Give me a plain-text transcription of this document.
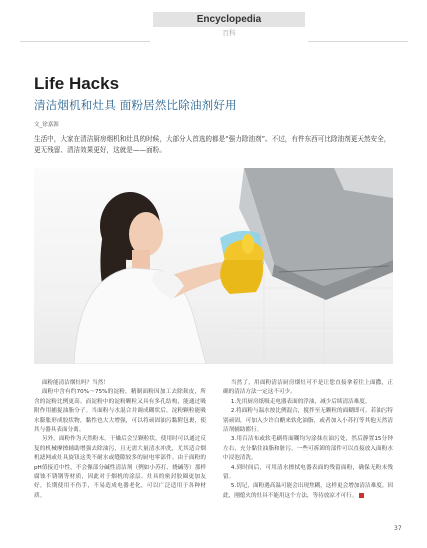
Encyclopedia
百科
Life Hacks
清洁烟机和灶具 面粉居然比除油剂好用
文_徐嘉源
生活中，大家在清洁厨房烟机和灶具的时候，大部分人首选的都是“强力除油剂”。不过，有件东西可比除油剂更天然安全，更无残留、清洁效果更好，这就是——面粉。

面粉能清洁烟灶吗？当然！

面粉中含有约70%～75%的淀粉，精制面粉因加工去除麸皮，所含的淀粉比例更高。而淀粉中的淀粉颗粒又具有多孔结构，能通过吸附作用捕捉油脂分子。当面粉与水混合并调成糊状后，淀粉颗粒能吸水膨胀形成胶状物，黏性也大大增强，可以将顽固油污黏附包裹，使其与器具表面分离。

另外，面粉作为天然粉末，干燥后会呈颗粒状，使用时可以通过反复的机械摩擦辅助增强去除油污，且无需大量清水冲洗，尤其适合烟机滤网或灶具旋钮这类不耐水或缝隙较多的厨电零部件。由于面粉的pH值接近中性，不会像部分碱性清洁剂（例如小苏打、烧碱等）那样腐蚀不锈钢等材质，因此对于烟机的涂层、灶具的密封胶圈更加友好，长期使用不伤手，不易造成电器老化，可以广泛适用于各种材质。

当然了，用面粉清洁厨房烟灶可不是让您直接拿着往上面撒，正确的清洁方法一定这不可少。

1.先用厨房纸吸走电器表面的浮油，减少后续清洁难度。

2.将面粉与温水按比例混合，搅拌至无颗粒的面糊即可。若油污特别顽固，可加入少许白醋来软化油脂，或者加入小苏打等其他天然清洁剂辅助都行。

3.用百洁布或软毛刷将面糊均匀涂抹在油污处，然后静置15分钟左右，充分黏住油脂和脏污。一些可拆卸的部件可以直接放入面粉水中浸泡清洗。

4.到时间后，可用清水擦拭电器表面的残留面粉，确保无粉末残留。

5.切记，面粉遇高温可能会出现焦糊，这样更会增加清洁难度。因此，刚熄火的灶具不能用这个方法，等待放凉才可行。

37
